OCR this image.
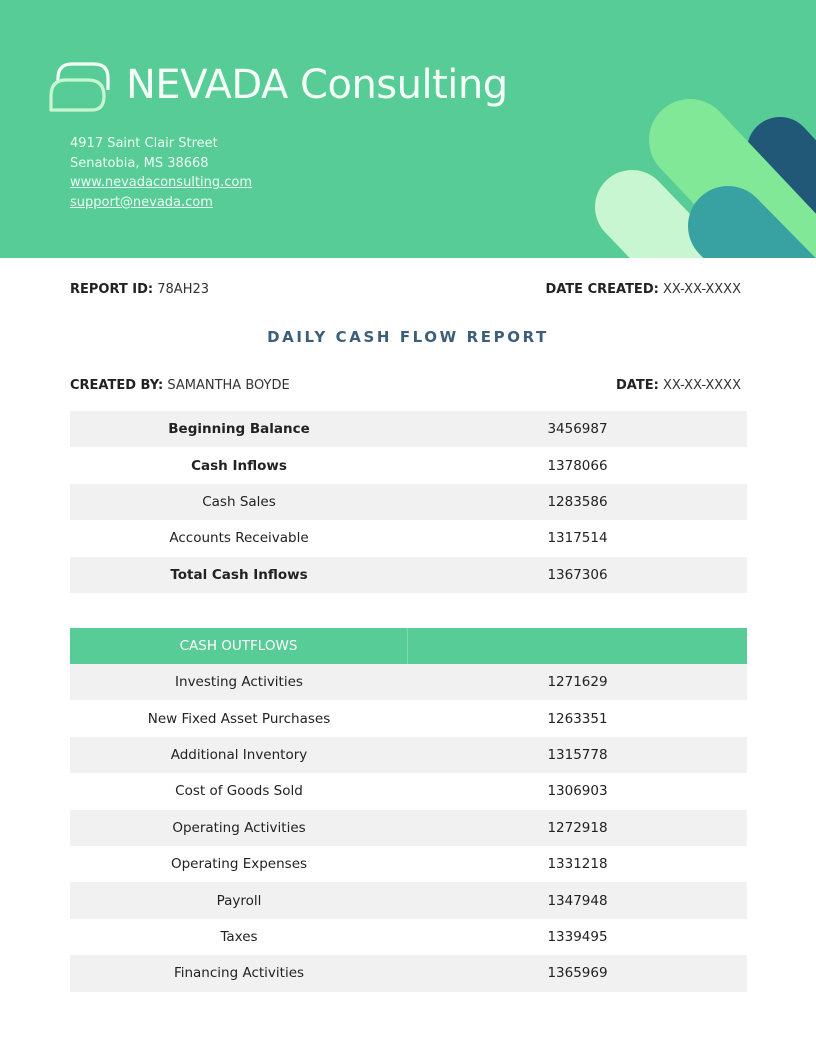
NEVADA Consulting
4917 Saint Clair Street
Senatobia, MS 38668
www.nevadaconsulting.com
support@nevada.com
REPORT ID: 78AH23	DATE CREATED: XX-XX-XXXX
DAILY CASH FLOW REPORT
CREATED BY: SAMANTHA BOYDE	DATE: XX-XX-XXXX
Beginning Balance	3456987
Cash Inflows	1378066
Cash Sales	1283586
Accounts Receivable	1317514
Total Cash Inflows	1367306
CASH OUTFLOWS
Investing Activities	1271629
New Fixed Asset Purchases	1263351
Additional Inventory	1315778
Cost of Goods Sold	1306903
Operating Activities	1272918
Operating Expenses	1331218
Payroll	1347948
Taxes	1339495
Financing Activities	1365969
